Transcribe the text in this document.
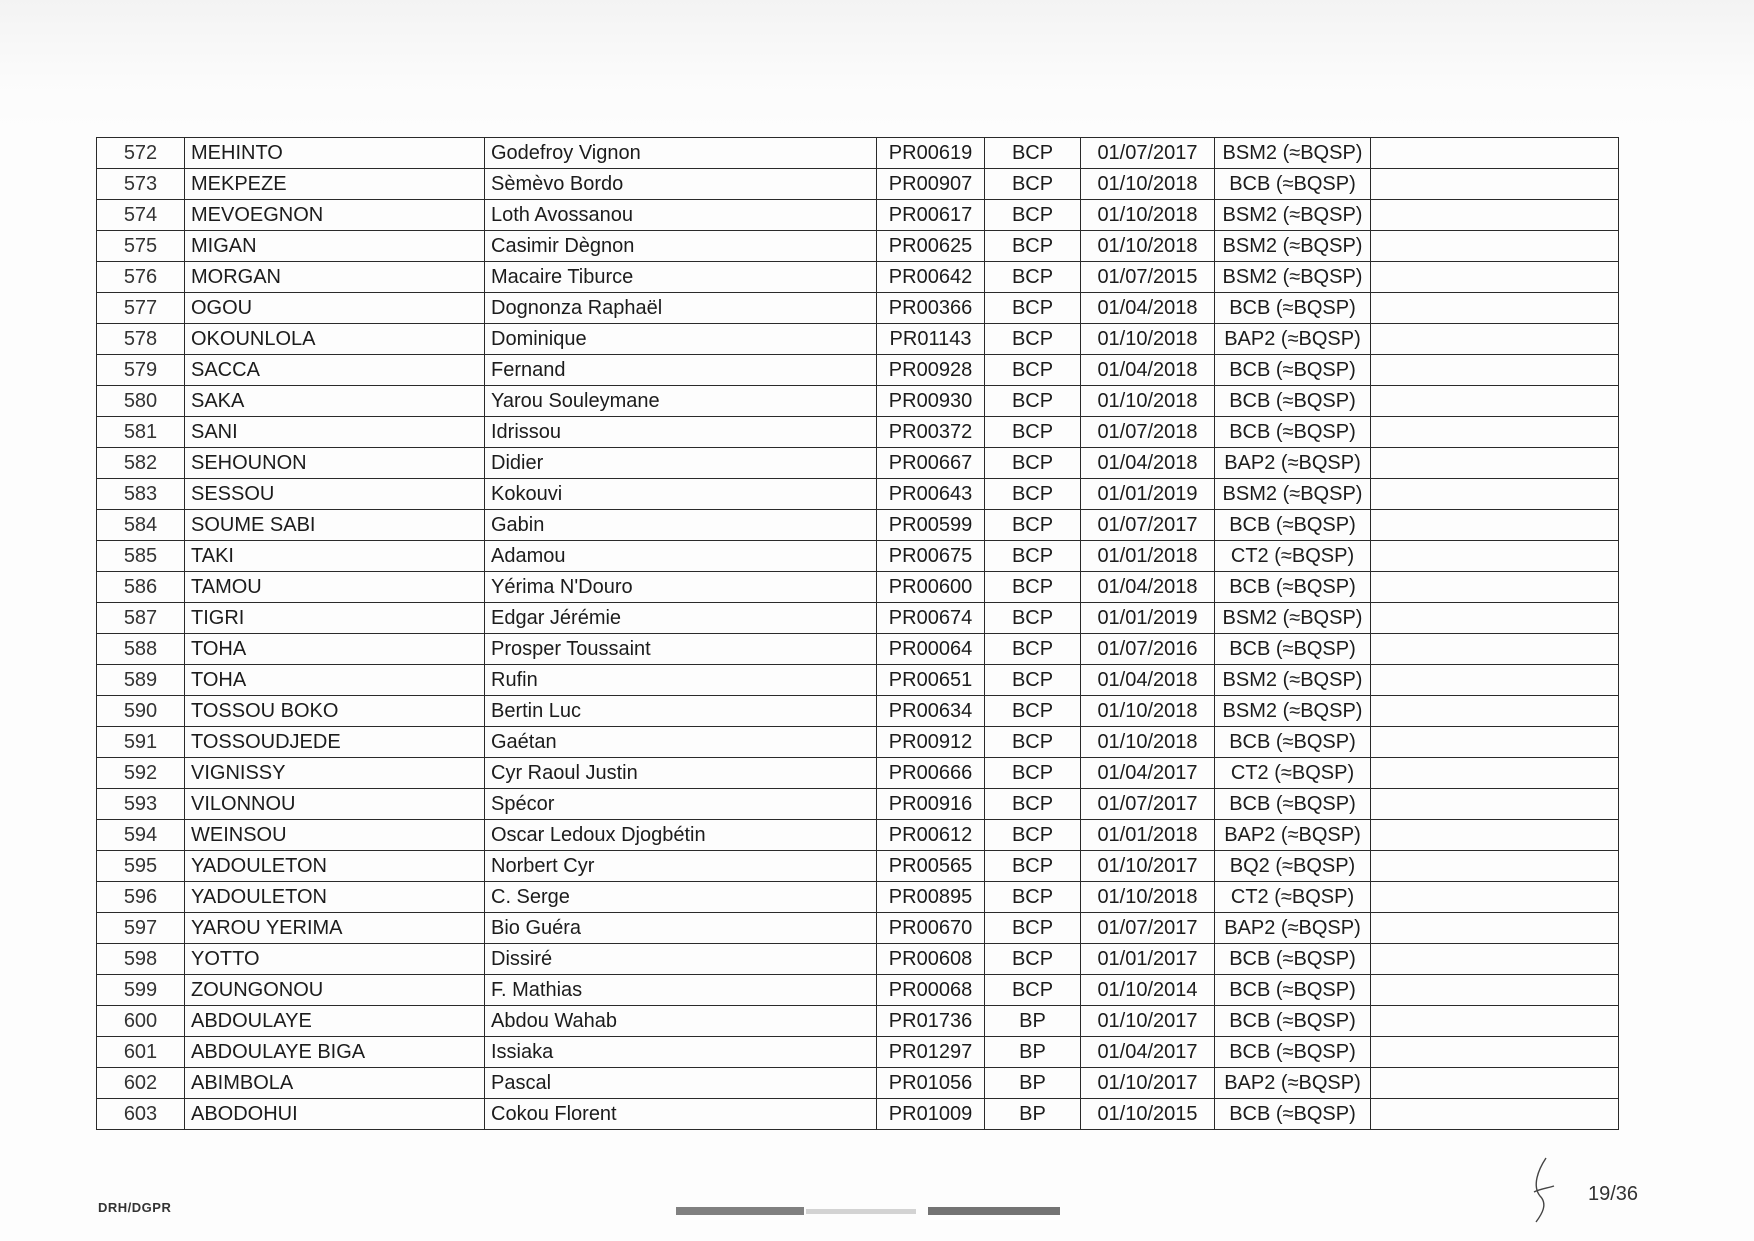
572	MEHINTO	Godefroy Vignon	PR00619	BCP	01/07/2017	BSM2 (≈BQSP)	
573	MEKPEZE	Sèmèvo Bordo	PR00907	BCP	01/10/2018	BCB (≈BQSP)	
574	MEVOEGNON	Loth Avossanou	PR00617	BCP	01/10/2018	BSM2 (≈BQSP)	
575	MIGAN	Casimir Dègnon	PR00625	BCP	01/10/2018	BSM2 (≈BQSP)	
576	MORGAN	Macaire Tiburce	PR00642	BCP	01/07/2015	BSM2 (≈BQSP)	
577	OGOU	Dognonza Raphaël	PR00366	BCP	01/04/2018	BCB (≈BQSP)	
578	OKOUNLOLA	Dominique	PR01143	BCP	01/10/2018	BAP2 (≈BQSP)	
579	SACCA	Fernand	PR00928	BCP	01/04/2018	BCB (≈BQSP)	
580	SAKA	Yarou Souleymane	PR00930	BCP	01/10/2018	BCB (≈BQSP)	
581	SANI	Idrissou	PR00372	BCP	01/07/2018	BCB (≈BQSP)	
582	SEHOUNON	Didier	PR00667	BCP	01/04/2018	BAP2 (≈BQSP)	
583	SESSOU	Kokouvi	PR00643	BCP	01/01/2019	BSM2 (≈BQSP)	
584	SOUME SABI	Gabin	PR00599	BCP	01/07/2017	BCB (≈BQSP)	
585	TAKI	Adamou	PR00675	BCP	01/01/2018	CT2 (≈BQSP)	
586	TAMOU	Yérima N'Douro	PR00600	BCP	01/04/2018	BCB (≈BQSP)	
587	TIGRI	Edgar Jérémie	PR00674	BCP	01/01/2019	BSM2 (≈BQSP)	
588	TOHA	Prosper Toussaint	PR00064	BCP	01/07/2016	BCB (≈BQSP)	
589	TOHA	Rufin	PR00651	BCP	01/04/2018	BSM2 (≈BQSP)	
590	TOSSOU BOKO	Bertin Luc	PR00634	BCP	01/10/2018	BSM2 (≈BQSP)	
591	TOSSOUDJEDE	Gaétan	PR00912	BCP	01/10/2018	BCB (≈BQSP)	
592	VIGNISSY	Cyr Raoul Justin	PR00666	BCP	01/04/2017	CT2 (≈BQSP)	
593	VILONNOU	Spécor	PR00916	BCP	01/07/2017	BCB (≈BQSP)	
594	WEINSOU	Oscar Ledoux Djogbétin	PR00612	BCP	01/01/2018	BAP2 (≈BQSP)	
595	YADOULETON	Norbert Cyr	PR00565	BCP	01/10/2017	BQ2 (≈BQSP)	
596	YADOULETON	C. Serge	PR00895	BCP	01/10/2018	CT2 (≈BQSP)	
597	YAROU YERIMA	Bio Guéra	PR00670	BCP	01/07/2017	BAP2 (≈BQSP)	
598	YOTTO	Dissiré	PR00608	BCP	01/01/2017	BCB (≈BQSP)	
599	ZOUNGONOU	F. Mathias	PR00068	BCP	01/10/2014	BCB (≈BQSP)	
600	ABDOULAYE	Abdou Wahab	PR01736	BP	01/10/2017	BCB (≈BQSP)	
601	ABDOULAYE BIGA	Issiaka	PR01297	BP	01/04/2017	BCB (≈BQSP)	
602	ABIMBOLA	Pascal	PR01056	BP	01/10/2017	BAP2 (≈BQSP)	
603	ABODOHUI	Cokou Florent	PR01009	BP	01/10/2015	BCB (≈BQSP)	
DRH/DGPR
19/36
